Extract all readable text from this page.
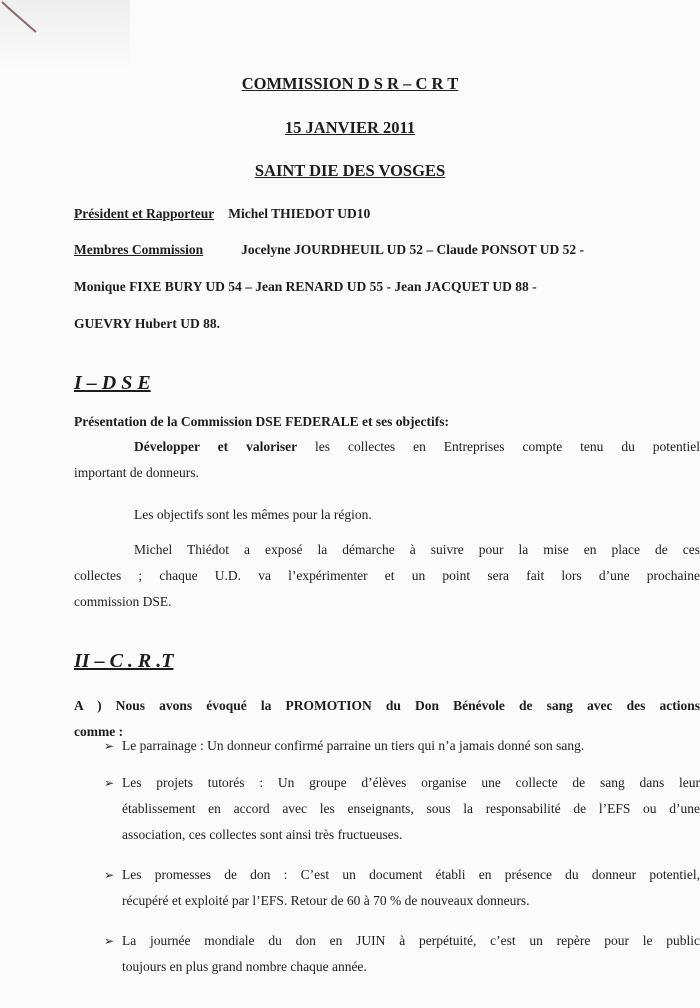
COMMISSION D S R – C R T
15 JANVIER 2011
SAINT DIE DES VOSGES
Président et Rapporteur Michel THIEDOT UD10
Membres Commission	Jocelyne JOURDHEUIL UD 52 – Claude PONSOT UD 52 -
Monique FIXE BURY UD 54 – Jean RENARD UD 55 - Jean JACQUET UD 88 -
GUEVRY Hubert UD 88.
I – D S E
Présentation de la Commission DSE FEDERALE et ses objectifs:
Développer et valoriser les collectes en Entreprises compte tenu du potentiel
important de donneurs.
Les objectifs sont les mêmes pour la région.
Michel Thiédot a exposé la démarche à suivre pour la mise en place de ces
collectes ; chaque U.D. va l’expérimenter et un point sera fait lors d’une prochaine
commission DSE.
II – C . R .T
A ) Nous avons évoqué la PROMOTION du Don Bénévole de sang avec des actions
comme :
➢ Le parrainage : Un donneur confirmé parraine un tiers qui n’a jamais donné son sang.
➢ Les projets tutorés : Un groupe d’élèves organise une collecte de sang dans leur
établissement en accord avec les enseignants, sous la responsabilité de l’EFS ou d’une
association, ces collectes sont ainsi très fructueuses.
➢ Les promesses de don : C’est un document établi en présence du donneur potentiel,
récupéré et exploité par l’EFS. Retour de 60 à 70 % de nouveaux donneurs.
➢ La journée mondiale du don en JUIN à perpétuité, c’est un repère pour le public
toujours en plus grand nombre chaque année.
